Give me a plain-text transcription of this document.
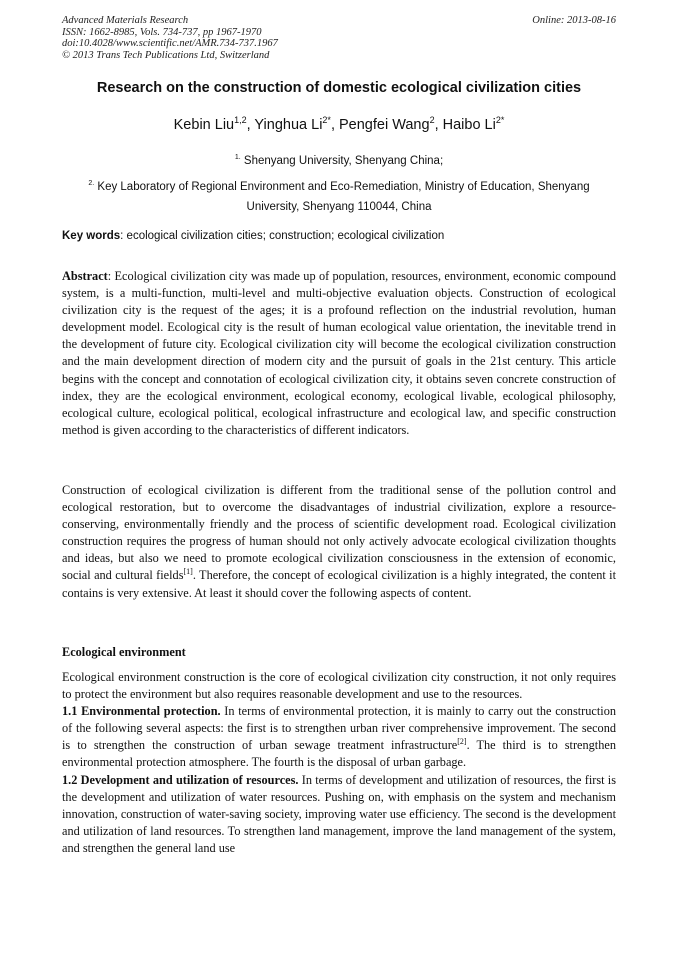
Advanced Materials Research
ISSN: 1662-8985, Vols. 734-737, pp 1967-1970
doi:10.4028/www.scientific.net/AMR.734-737.1967
© 2013 Trans Tech Publications Ltd, Switzerland
Online: 2013-08-16
Research on the construction of domestic ecological civilization cities
Kebin Liu$^{1,2}$, Yinghua $Li^{2*}$, Pengfei Wang$^2$, Haibo $Li^{2*}$
$^{1.}$ Shenyang University, Shenyang China;
$^{2.}$ Key Laboratory of Regional Environment and Eco-Remediation, Ministry of Education, Shenyang University, Shenyang 110044, China
Key words: ecological civilization cities; construction; ecological civilization

Abstract: Ecological civilization city was made up of population, resources, environment, economic compound system, is a multi-function, multi-level and multi-objective evaluation objects. Construction of ecological civilization city is the request of the ages; it is a profound reflection on the industrial revolution, human development model. Ecological city is the result of human ecological value orientation, the inevitable trend in the development of future city. Ecological civilization city will become the ecological civilization construction and the main development direction of modern city and the pursuit of goals in the 21st century. This article begins with the concept and connotation of ecological civilization city, it obtains seven concrete construction of index, they are the ecological environment, ecological economy, ecological livable, ecological philosophy, ecological culture, ecological political, ecological infrastructure and ecological law, and specific construction method is given according to the characteristics of different indicators.

Construction of ecological civilization is different from the traditional sense of the pollution control and ecological restoration, but to overcome the disadvantages of industrial civilization, explore a resource-conserving, environmentally friendly and the process of scientific development road. Ecological civilization construction requires the progress of human should not only actively advocate ecological civilization thoughts and ideas, but also we need to promote ecological civilization consciousness in the extension of economic, social and cultural fields[1]. Therefore, the concept of ecological civilization is a highly integrated, the content it contains is very extensive. At least it should cover the following aspects of content.

Ecological environment

Ecological environment construction is the core of ecological civilization city construction, it not only requires to protect the environment but also requires reasonable development and use to the resources.

1.1 Environmental protection. In terms of environmental protection, it is mainly to carry out the construction of the following several aspects: the first is to strengthen urban river comprehensive improvement. The second is to strengthen the construction of urban sewage treatment infrastructure[2]. The third is to strengthen environmental protection atmosphere. The fourth is the disposal of urban garbage.

1.2 Development and utilization of resources. In terms of development and utilization of resources, the first is the development and utilization of water resources. Pushing on, with emphasis on the system and mechanism innovation, construction of water-saving society, improving water use efficiency. The second is the development and utilization of land resources. To strengthen land management, improve the land management of the system, and strengthen the general land use
